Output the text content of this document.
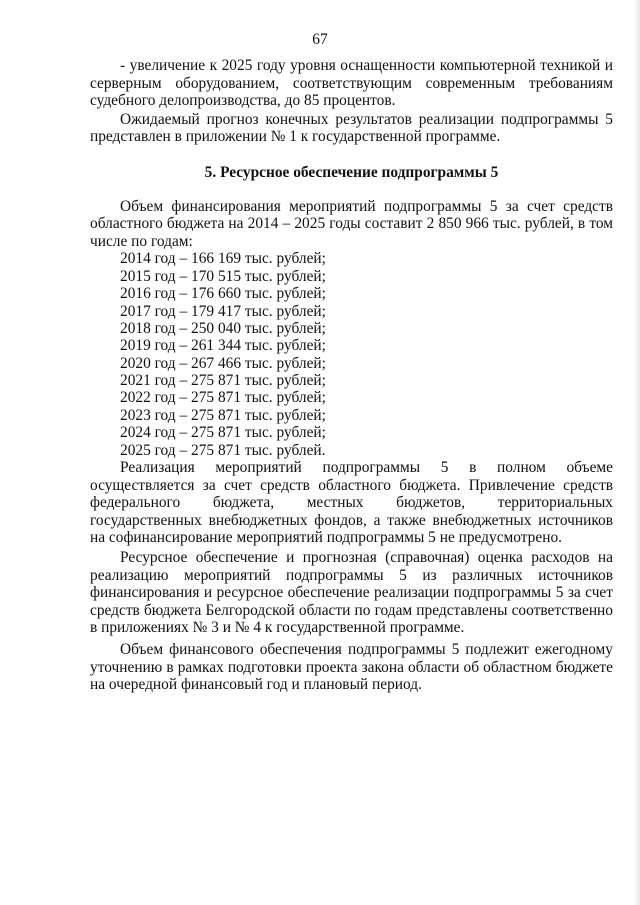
67

- увеличение к 2025 году уровня оснащенности компьютерной техникой и серверным оборудованием, соответствующим современным требованиям судебного делопроизводства, до 85 процентов.

Ожидаемый прогноз конечных результатов реализации подпрограммы 5 представлен в приложении № 1 к государственной программе.

5. Ресурсное обеспечение подпрограммы 5

Объем финансирования мероприятий подпрограммы 5 за счет средств областного бюджета на 2014 – 2025 годы составит 2 850 966 тыс. рублей, в том числе по годам:

2014 год – 166 169 тыс. рублей;
2015 год – 170 515 тыс. рублей;
2016 год – 176 660 тыс. рублей;
2017 год – 179 417 тыс. рублей;
2018 год – 250 040 тыс. рублей;
2019 год – 261 344 тыс. рублей;
2020 год – 267 466 тыс. рублей;
2021 год – 275 871 тыс. рублей;
2022 год – 275 871 тыс. рублей;
2023 год – 275 871 тыс. рублей;
2024 год – 275 871 тыс. рублей;
2025 год – 275 871 тыс. рублей.

Реализация мероприятий подпрограммы 5 в полном объеме осуществляется за счет средств областного бюджета. Привлечение средств федерального бюджета, местных бюджетов, территориальных государственных внебюджетных фондов, а также внебюджетных источников на софинансирование мероприятий подпрограммы 5 не предусмотрено.

Ресурсное обеспечение и прогнозная (справочная) оценка расходов на реализацию мероприятий подпрограммы 5 из различных источников финансирования и ресурсное обеспечение реализации подпрограммы 5 за счет средств бюджета Белгородской области по годам представлены соответственно в приложениях № 3 и № 4 к государственной программе.

Объем финансового обеспечения подпрограммы 5 подлежит ежегодному уточнению в рамках подготовки проекта закона области об областном бюджете на очередной финансовый год и плановый период.
